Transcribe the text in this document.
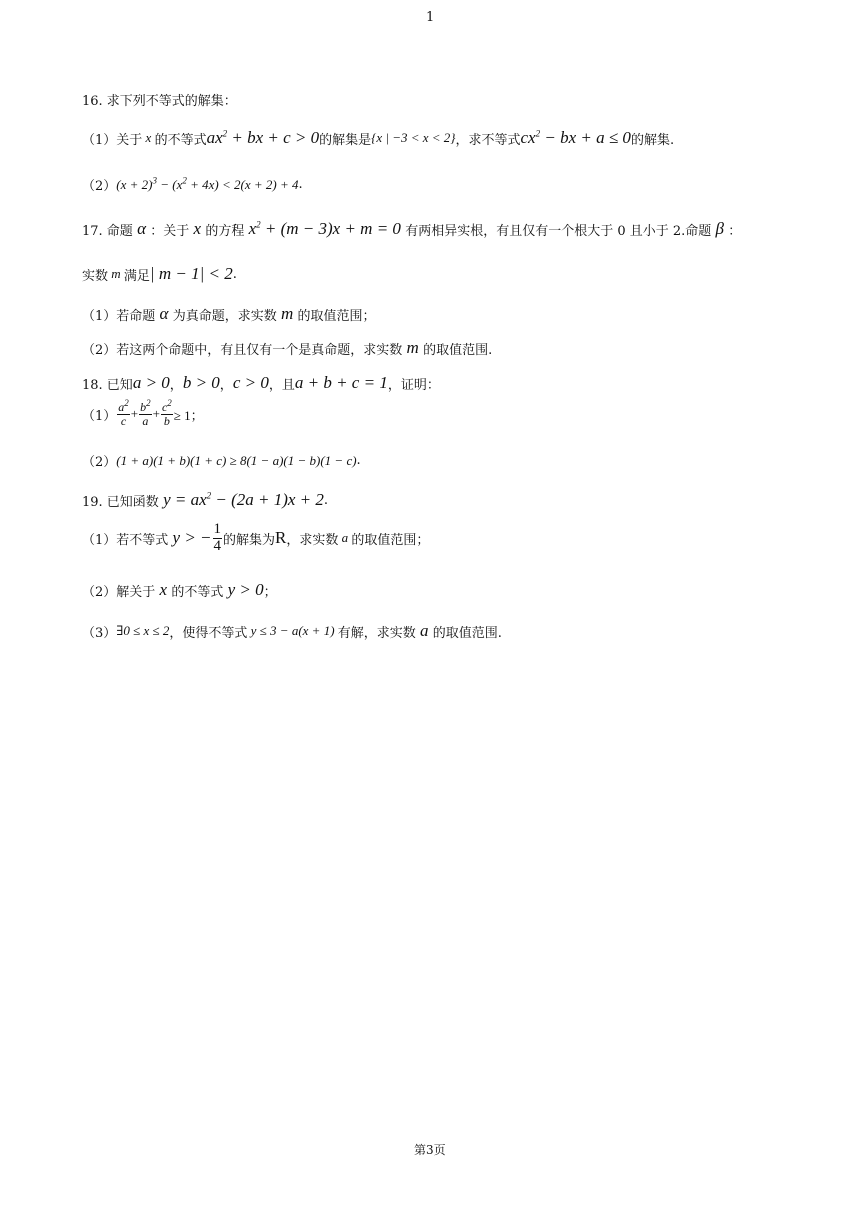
1
16. 求下列不等式的解集：
（1）关于 x 的不等式 $ax^2$ + bx + c > 0 的解集是 {x | −3 < x < 2} ，求不等式 $cx^2$ − bx + a ≤ 0 的解集.
（2） $(x + 2)^3 - (x^2 + 4x) < 2(x + 2) + 4$ .
17. 命题 α ：关于 x 的方程 $x^2 + (m - 3)x + m = 0$ 有两相异实根，有且仅有一个根大于 0 且小于 2.命题 β ：
实数 m 满足 | m − 1| < 2 .
（1）若命题 α 为真命题，求实数 m 的取值范围；
（2）若这两个命题中，有且仅有一个是真命题，求实数 m 的取值范围.
18. 已知 a > 0 ， b > 0 ， c > 0 ，且 a + b + c = 1 ，证明：
$(1) \frac{a^2}{c} + \frac{b^2}{a} + \frac{c^2}{b} \ge 1$；
（2） (1 + a)(1 + b)(1 + c) ≥ 8(1 − a)(1 − b)(1 − c) .
19. 已知函数 $y = ax^2 - (2a + 1)x + 2$ .
（1）若不等式 y > − $\frac{1}{4}$ 的解集为 R ，求实数 a 的取值范围；
（2）解关于 x 的不等式 y > 0 ；
（3） ∃0 ≤ x ≤ 2 ，使得不等式 y ≤ 3 − a(x + 1) 有解，求实数 a 的取值范围.
第3页
